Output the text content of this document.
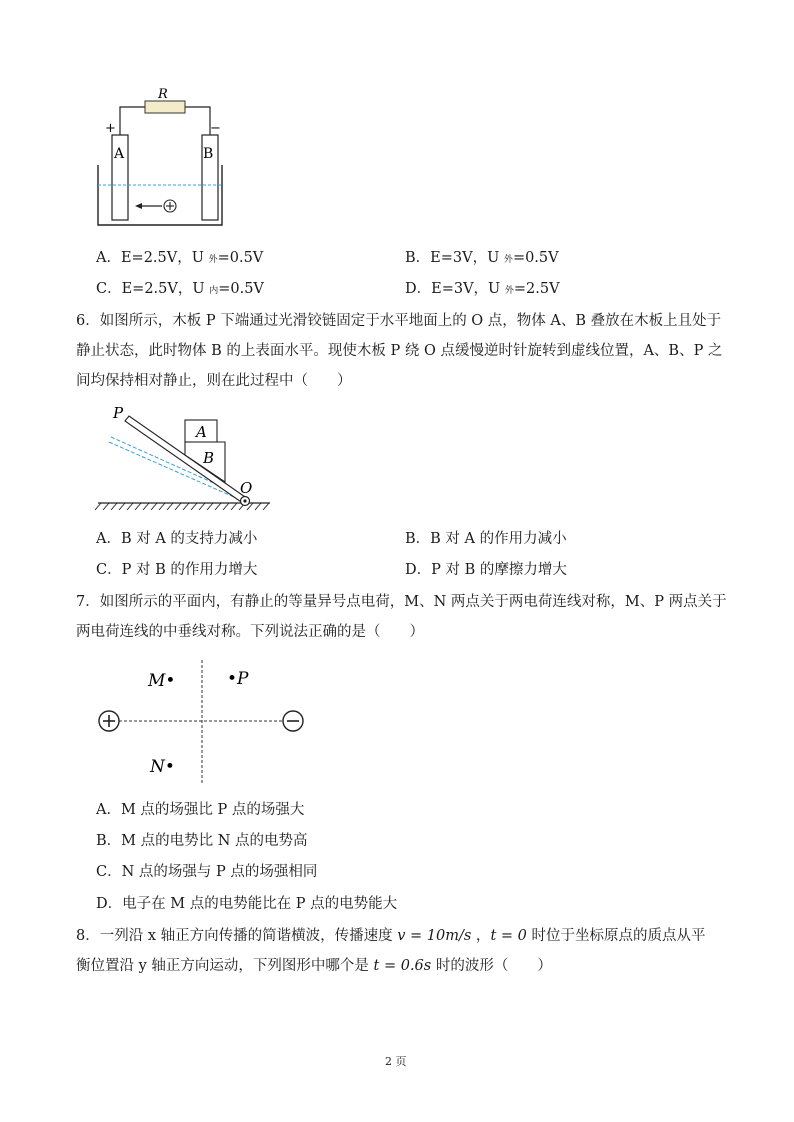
R
+	−
A	B
A．E=2.5V，U 外=0.5V	B．E=3V，U 外=0.5V
C．E=2.5V，U 内=0.5V	D．E=3V，U 外=2.5V
6．如图所示，木板 P 下端通过光滑铰链固定于水平地面上的 O 点，物体 A、B 叠放在木板上且处于
静止状态，此时物体 B 的上表面水平。现使木板 P 绕 O 点缓慢逆时针旋转到虚线位置，A、B、P 之
间均保持相对静止，则在此过程中（　　）
P
A
B
O
A．B 对 A 的支持力减小	B．B 对 A 的作用力减小
C．P 对 B 的作用力增大	D．P 对 B 的摩擦力增大
7．如图所示的平面内，有静止的等量异号点电荷，M、N 两点关于两电荷连线对称，M、P 两点关于
两电荷连线的中垂线对称。下列说法正确的是（　　）
M•	•P
N•
A．M 点的场强比 P 点的场强大
B．M 点的电势比 N 点的电势高
C．N 点的场强与 P 点的场强相同
D．电子在 M 点的电势能比在 P 点的电势能大
8．一列沿 x 轴正方向传播的简谐横波，传播速度 v = 10m/s ，t = 0 时位于坐标原点的质点从平
衡位置沿 y 轴正方向运动，下列图形中哪个是 t = 0.6s 时的波形（　　）
2 页
